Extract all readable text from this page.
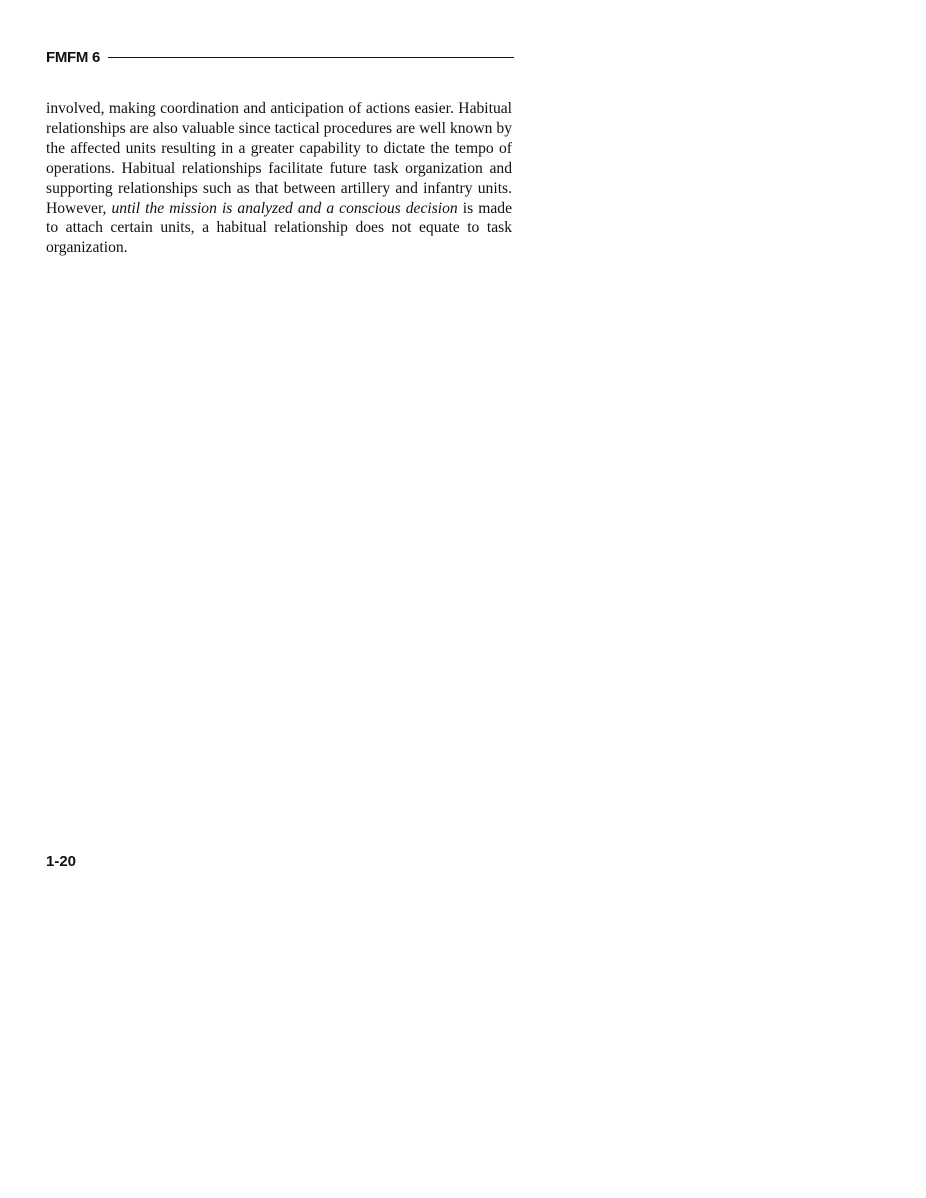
FMFM 6

involved, making coordination and anticipation of actions easier. Habitual relationships are also valuable since tactical procedures are well known by the affected units resulting in a greater capability to dictate the tempo of operations. Habitual relationships facilitate future task organization and supporting relationships such as that between artillery and infantry units. However, until the mission is analyzed and a conscious decision is made to attach certain units, a habitual relationship does not equate to task organization.

1-20
